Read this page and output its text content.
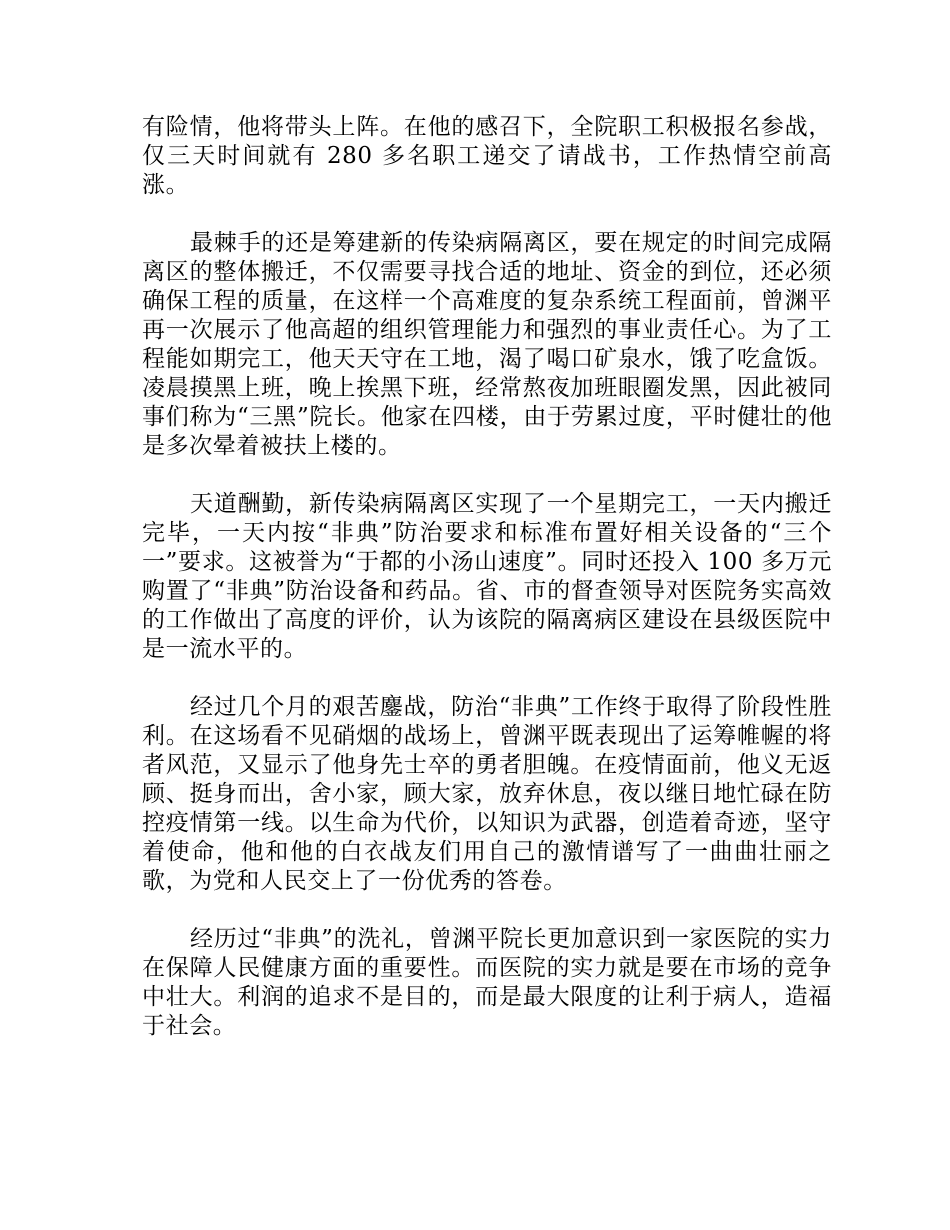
有险情，他将带头上阵。在他的感召下，全院职工积极报名参战，仅三天时间就有 280 多名职工递交了请战书，工作热情空前高涨。

最棘手的还是筹建新的传染病隔离区，要在规定的时间完成隔离区的整体搬迁，不仅需要寻找合适的地址、资金的到位，还必须确保工程的质量，在这样一个高难度的复杂系统工程面前，曾渊平再一次展示了他高超的组织管理能力和强烈的事业责任心。为了工程能如期完工，他天天守在工地，渴了喝口矿泉水，饿了吃盒饭。凌晨摸黑上班，晚上挨黑下班，经常熬夜加班眼圈发黑，因此被同事们称为“三黑”院长。他家在四楼，由于劳累过度，平时健壮的他是多次晕着被扶上楼的。

天道酬勤，新传染病隔离区实现了一个星期完工，一天内搬迁完毕，一天内按“非典”防治要求和标准布置好相关设备的“三个一”要求。这被誉为“于都的小汤山速度”。同时还投入 100 多万元购置了“非典”防治设备和药品。省、市的督查领导对医院务实高效的工作做出了高度的评价，认为该院的隔离病区建设在县级医院中是一流水平的。

经过几个月的艰苦鏖战，防治“非典”工作终于取得了阶段性胜利。在这场看不见硝烟的战场上，曾渊平既表现出了运筹帷幄的将者风范，又显示了他身先士卒的勇者胆魄。在疫情面前，他义无返顾、挺身而出，舍小家，顾大家，放弃休息，夜以继日地忙碌在防控疫情第一线。以生命为代价，以知识为武器，创造着奇迹，坚守着使命，他和他的白衣战友们用自己的激情谱写了一曲曲壮丽之歌，为党和人民交上了一份优秀的答卷。

经历过“非典”的洗礼，曾渊平院长更加意识到一家医院的实力在保障人民健康方面的重要性。而医院的实力就是要在市场的竞争中壮大。利润的追求不是目的，而是最大限度的让利于病人，造福于社会。
